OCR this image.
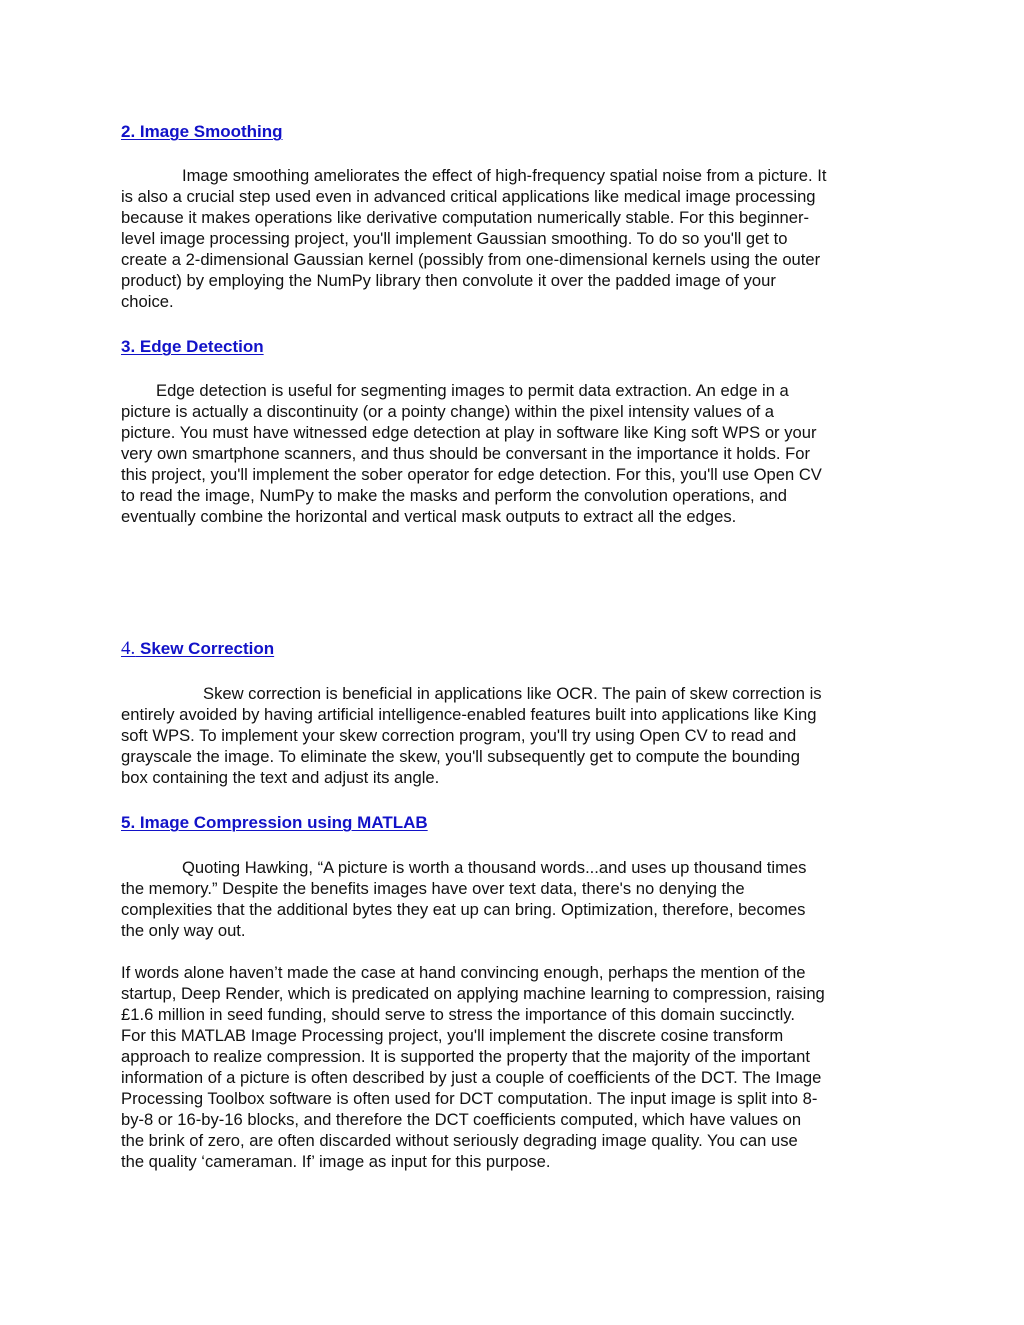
2. Image Smoothing
Image smoothing ameliorates the effect of high-frequency spatial noise from a picture. It
is also a crucial step used even in advanced critical applications like medical image processing
because it makes operations like derivative computation numerically stable. For this beginner-
level image processing project, you'll implement Gaussian smoothing. To do so you'll get to
create a 2-dimensional Gaussian kernel (possibly from one-dimensional kernels using the outer
product) by employing the NumPy library then convolute it over the padded image of your
choice.
3. Edge Detection
Edge detection is useful for segmenting images to permit data extraction. An edge in a
picture is actually a discontinuity (or a pointy change) within the pixel intensity values of a
picture. You must have witnessed edge detection at play in software like King soft WPS or your
very own smartphone scanners, and thus should be conversant in the importance it holds. For
this project, you'll implement the sober operator for edge detection. For this, you'll use Open CV
to read the image, NumPy to make the masks and perform the convolution operations, and
eventually combine the horizontal and vertical mask outputs to extract all the edges.
4. Skew Correction
Skew correction is beneficial in applications like OCR. The pain of skew correction is
entirely avoided by having artificial intelligence-enabled features built into applications like King
soft WPS. To implement your skew correction program, you'll try using Open CV to read and
grayscale the image. To eliminate the skew, you'll subsequently get to compute the bounding
box containing the text and adjust its angle.
5. Image Compression using MATLAB
Quoting Hawking, “A picture is worth a thousand words...and uses up thousand times
the memory.” Despite the benefits images have over text data, there's no denying the
complexities that the additional bytes they eat up can bring. Optimization, therefore, becomes
the only way out.
If words alone haven’t made the case at hand convincing enough, perhaps the mention of the
startup, Deep Render, which is predicated on applying machine learning to compression, raising
£1.6 million in seed funding, should serve to stress the importance of this domain succinctly.
For this MATLAB Image Processing project, you'll implement the discrete cosine transform
approach to realize compression. It is supported the property that the majority of the important
information of a picture is often described by just a couple of coefficients of the DCT. The Image
Processing Toolbox software is often used for DCT computation. The input image is split into 8-
by-8 or 16-by-16 blocks, and therefore the DCT coefficients computed, which have values on
the brink of zero, are often discarded without seriously degrading image quality. You can use
the quality ‘cameraman. If’ image as input for this purpose.
